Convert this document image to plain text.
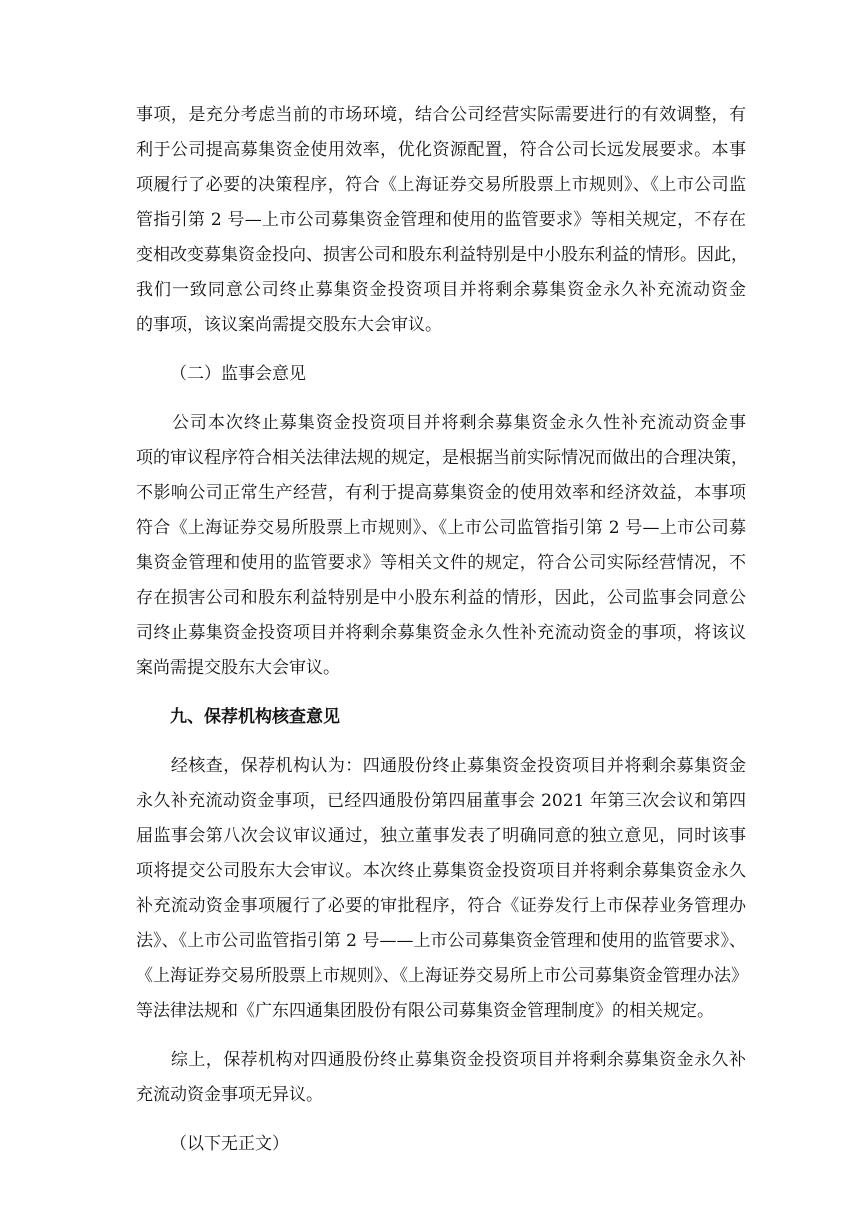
事项，是充分考虑当前的市场环境，结合公司经营实际需要进行的有效调整，有
利于公司提高募集资金使用效率，优化资源配置，符合公司长远发展要求。本事
项履行了必要的决策程序，符合《上海证券交易所股票上市规则》、《上市公司监
管指引第 2 号—上市公司募集资金管理和使用的监管要求》等相关规定，不存在
变相改变募集资金投向、损害公司和股东利益特别是中小股东利益的情形。因此，
我们一致同意公司终止募集资金投资项目并将剩余募集资金永久补充流动资金
的事项，该议案尚需提交股东大会审议。
（二）监事会意见
　　公司本次终止募集资金投资项目并将剩余募集资金永久性补充流动资金事
项的审议程序符合相关法律法规的规定，是根据当前实际情况而做出的合理决策，
不影响公司正常生产经营，有利于提高募集资金的使用效率和经济效益，本事项
符合《上海证券交易所股票上市规则》、《上市公司监管指引第 2 号—上市公司募
集资金管理和使用的监管要求》等相关文件的规定，符合公司实际经营情况，不
存在损害公司和股东利益特别是中小股东利益的情形，因此，公司监事会同意公
司终止募集资金投资项目并将剩余募集资金永久性补充流动资金的事项，将该议
案尚需提交股东大会审议。
九、保荐机构核查意见
　　经核查，保荐机构认为：四通股份终止募集资金投资项目并将剩余募集资金
永久补充流动资金事项，已经四通股份第四届董事会 2021 年第三次会议和第四
届监事会第八次会议审议通过，独立董事发表了明确同意的独立意见，同时该事
项将提交公司股东大会审议。本次终止募集资金投资项目并将剩余募集资金永久
补充流动资金事项履行了必要的审批程序，符合《证券发行上市保荐业务管理办
法》、《上市公司监管指引第 2 号——上市公司募集资金管理和使用的监管要求》、
《上海证券交易所股票上市规则》、《上海证券交易所上市公司募集资金管理办法》
等法律法规和《广东四通集团股份有限公司募集资金管理制度》的相关规定。
　　综上，保荐机构对四通股份终止募集资金投资项目并将剩余募集资金永久补
充流动资金事项无异议。
（以下无正文）
